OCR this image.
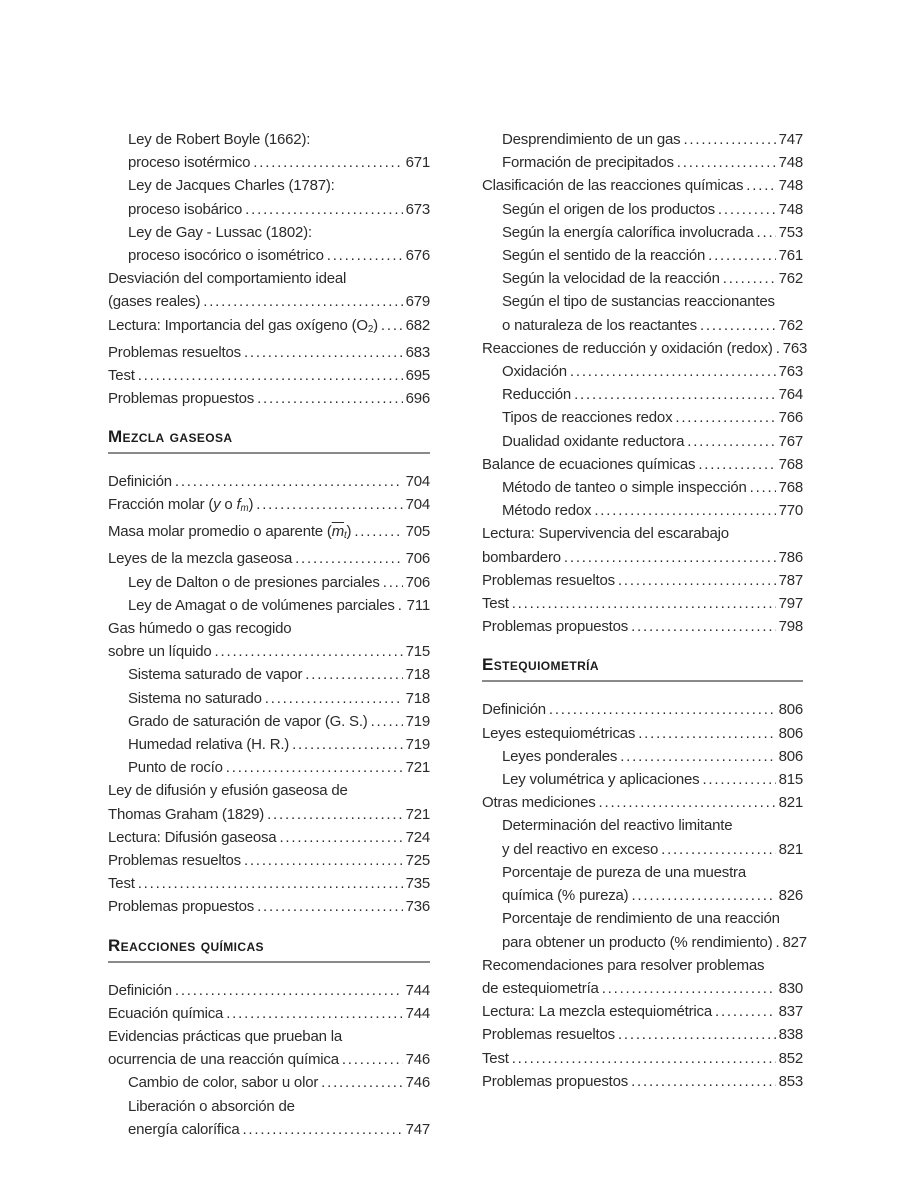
Ley de Robert Boyle (1662):
proceso isotérmico .....	671
Ley de Jacques Charles (1787):
proceso isobárico .....	673
Ley de Gay - Lussac (1802):
proceso isocórico o isométrico .....	676
Desviación del comportamiento ideal
(gases reales) .....	679
Lectura: Importancia del gas oxígeno (O2) ..... 682
Problemas resueltos .....	683
Test .....	695
Problemas propuestos .....	696
Mezcla gaseosa
Definición .....	704
Fracción molar (y o fm) .....	704
Masa molar promedio o aparente $(\overline{m}t)$ .....	705
Leyes de la mezcla gaseosa .....	706
Ley de Dalton o de presiones parciales ..... 706
Ley de Amagat o de volúmenes parciales ..... 711
Gas húmedo o gas recogido
sobre un líquido .....	715
Sistema saturado de vapor .....	718
Sistema no saturado .....	718
Grado de saturación de vapor (G. S.) .....	719
Humedad relativa (H. R.) .....	719
Punto de rocío .....	721
Ley de difusión y efusión gaseosa de
Thomas Graham (1829) .....	721
Lectura: Difusión gaseosa .....	724
Problemas resueltos .....	725
Test .....	735
Problemas propuestos .....	736
Reacciones químicas
Definición .....	744
Ecuación química .....	744
Evidencias prácticas que prueban la
ocurrencia de una reacción química .....	746
Cambio de color, sabor u olor .....	746
Liberación o absorción de
energía calorífica .....	747
Desprendimiento de un gas .....	747
Formación de precipitados .....	748
Clasificación de las reacciones químicas ..... 748
Según el origen de los productos .....	748
Según la energía calorífica involucrada ..... 753
Según el sentido de la reacción .....	761
Según la velocidad de la reacción .....	762
Según el tipo de sustancias reaccionantes
o naturaleza de los reactantes .....	762
Reacciones de reducción y oxidación (redox) ..... 763
Oxidación .....	763
Reducción .....	764
Tipos de reacciones redox .....	766
Dualidad oxidante reductora .....	767
Balance de ecuaciones químicas .....	768
Método de tanteo o simple inspección ..... 768
Método redox .....	770
Lectura: Supervivencia del escarabajo
bombardero .....	786
Problemas resueltos .....	787
Test .....	797
Problemas propuestos .....	798
Estequiometría
Definición .....	806
Leyes estequiométricas .....	806
Leyes ponderales .....	806
Ley volumétrica y aplicaciones .....	815
Otras mediciones .....	821
Determinación del reactivo limitante
y del reactivo en exceso .....	821
Porcentaje de pureza de una muestra
química (% pureza) .....	826
Porcentaje de rendimiento de una reacción
para obtener un producto (% rendimiento) ..... 827
Recomendaciones para resolver problemas
de estequiometría .....	830
Lectura: La mezcla estequiométrica .....	837
Problemas resueltos .....	838
Test .....	852
Problemas propuestos .....	853
